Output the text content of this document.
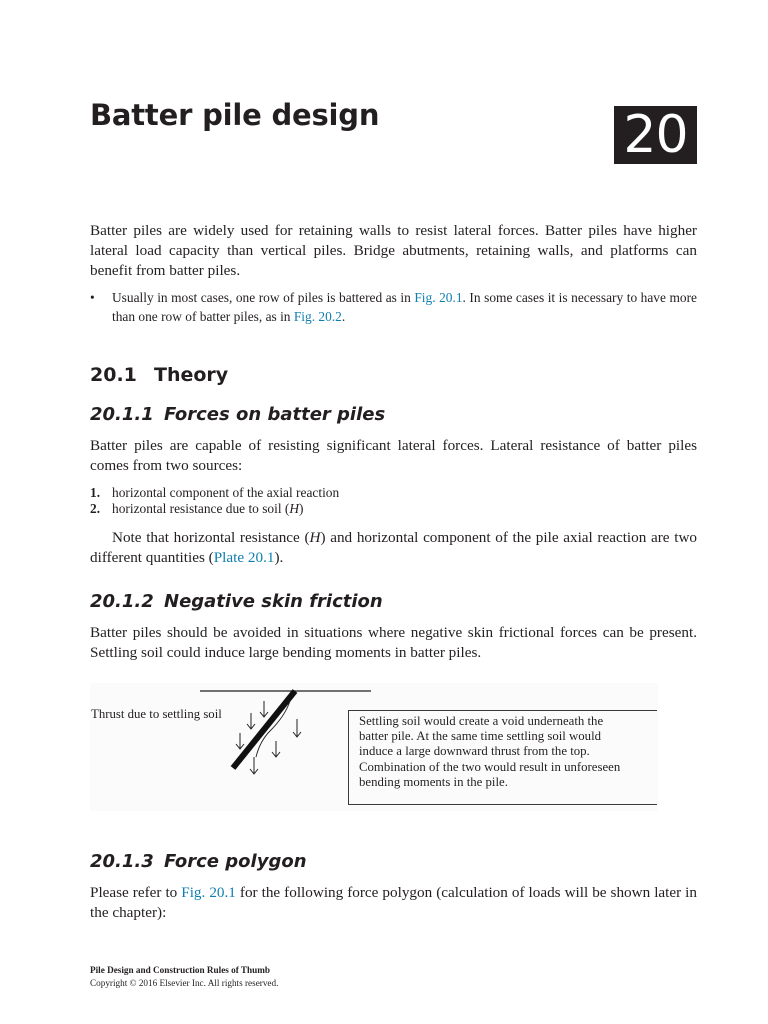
Batter pile design	20
Batter piles are widely used for retaining walls to resist lateral forces. Batter piles have higher lateral load capacity than vertical piles. Bridge abutments, retaining walls, and platforms can benefit from batter piles.
•	Usually in most cases, one row of piles is battered as in Fig. 20.1. In some cases it is necessary to have more than one row of batter piles, as in Fig. 20.2.
20.1 Theory
20.1.1 Forces on batter piles
Batter piles are capable of resisting significant lateral forces. Lateral resistance of batter piles comes from two sources:
1. horizontal component of the axial reaction
2. horizontal resistance due to soil (H)
Note that horizontal resistance (H) and horizontal component of the pile axial reaction are two different quantities (Plate 20.1).
20.1.2 Negative skin friction
Batter piles should be avoided in situations where negative skin frictional forces can be present. Settling soil could induce large bending moments in batter piles.
Thrust due to settling soil	Settling soil would create a void underneath the
batter pile. At the same time settling soil would
induce a large downward thrust from the top.
Combination of the two would result in unforeseen
bending moments in the pile.
20.1.3 Force polygon
Please refer to Fig. 20.1 for the following force polygon (calculation of loads will be shown later in the chapter):
Pile Design and Construction Rules of Thumb
Copyright © 2016 Elsevier Inc. All rights reserved.
